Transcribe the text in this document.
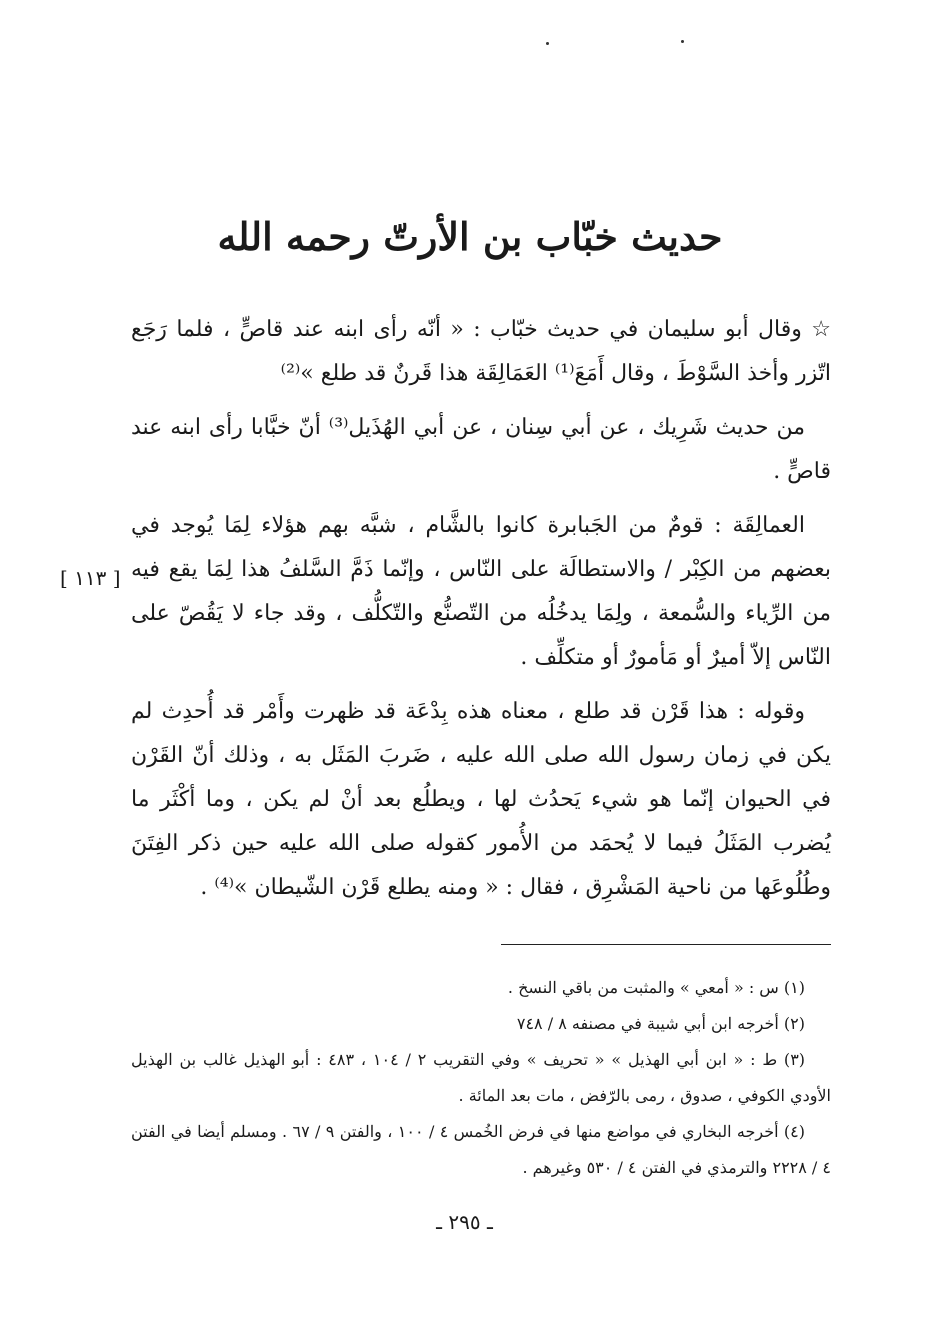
حديث خبّاب بن الأرتّ رحمه الله

☆ وقال أبو سليمان في حديث خبّاب : « أنّه رأى ابنه عند قاصٍّ ، فلما رَجَع اتّزر وأخذ السَّوْطَ ، وقال أَمَعَ⁽¹⁾ العَمَالِقَة هذا قَرنٌ قد طلع »⁽²⁾

من حديث شَرِيك ، عن أبي سِنان ، عن أبي الهُذَيل⁽³⁾ أنّ خبَّابا رأى ابنه عند قاصٍّ .

العمالِقَة : قومٌ من الجَبابرة كانوا بالشَّام ، شبَّه بهم هؤلاء لِمَا يُوجد في بعضهم من الكِبْر / والاستطالَة على النّاس ، وإنّما ذَمَّ السَّلفُ هذا لِمَا يقع فيه من الرِّياء والسُّمعة ، ولِمَا يدخُلُه من التّصنُّع والتّكلُّف ، وقد جاء لا يَقُصّ على النّاس إلاّ أميرٌ أو مَأمورٌ أو متكلِّف .

وقوله : هذا قَرْن قد طلع ، معناه هذه بِدْعَة قد ظهرت وأَمْر قد أُحدِث لم يكن في زمان رسول الله صلى الله عليه ، ضَربَ المَثَل به ، وذلك أنّ القَرْن في الحيوان إنّما هو شيء يَحدُث لها ، ويطلُع بعد أنْ لم يكن ، وما أكْثَر ما يُضرب المَثَلُ فيما لا يُحمَد من الأُمور كقوله صلى الله عليه حين ذكر الفِتَنَ وطُلُوعَها من ناحية المَشْرِق ، فقال : « ومنه يطلع قَرْن الشّيطان »⁽⁴⁾ .

[ ١١٣ ]

(١) س : « أمعي » والمثبت من باقي النسخ .

(٢) أخرجه ابن أبي شيبة في مصنفه ٨ / ٧٤٨

(٣) ط : « ابن أبي الهذيل » « تحريف » وفي التقريب ٢ / ١٠٤ ، ٤٨٣ : أبو الهذيل غالب بن الهذيل الأودي الكوفي ، صدوق ، رمى بالرّفض ، مات بعد المائة .

(٤) أخرجه البخاري في مواضع منها في فرض الخُمس ٤ / ١٠٠ ، والفتن ٩ / ٦٧ . ومسلم أيضا في الفتن ٤ / ٢٢٢٨ والترمذي في الفتن ٤ / ٥٣٠ وغيرهم .

ـ ٢٩٥ ـ
